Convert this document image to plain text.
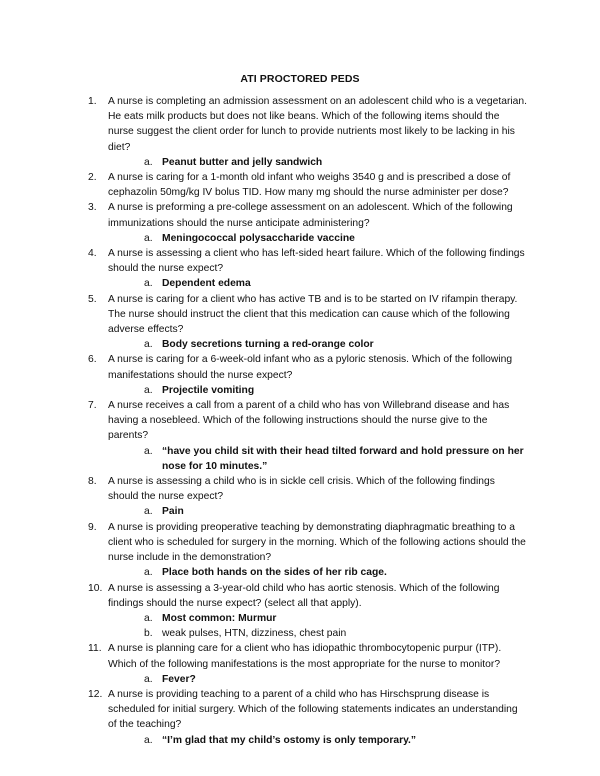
ATI PROCTORED PEDS
1. A nurse is completing an admission assessment on an adolescent child who is a vegetarian. He eats milk products but does not like beans. Which of the following items should the nurse suggest the client order for lunch to provide nutrients most likely to be lacking in his diet?
a. Peanut butter and jelly sandwich
2. A nurse is caring for a 1-month old infant who weighs 3540 g and is prescribed a dose of cephazolin 50mg/kg IV bolus TID. How many mg should the nurse administer per dose?
3. A nurse is preforming a pre-college assessment on an adolescent. Which of the following immunizations should the nurse anticipate administering?
a. Meningococcal polysaccharide vaccine
4. A nurse is assessing a client who has left-sided heart failure. Which of the following findings should the nurse expect?
a. Dependent edema
5. A nurse is caring for a client who has active TB and is to be started on IV rifampin therapy. The nurse should instruct the client that this medication can cause which of the following adverse effects?
a. Body secretions turning a red-orange color
6. A nurse is caring for a 6-week-old infant who as a pyloric stenosis. Which of the following manifestations should the nurse expect?
a. Projectile vomiting
7. A nurse receives a call from a parent of a child who has von Willebrand disease and has having a nosebleed. Which of the following instructions should the nurse give to the parents?
a. “have you child sit with their head tilted forward and hold pressure on her nose for 10 minutes.”
8. A nurse is assessing a child who is in sickle cell crisis. Which of the following findings should the nurse expect?
a. Pain
9. A nurse is providing preoperative teaching by demonstrating diaphragmatic breathing to a client who is scheduled for surgery in the morning. Which of the following actions should the nurse include in the demonstration?
a. Place both hands on the sides of her rib cage.
10. A nurse is assessing a 3-year-old child who has aortic stenosis. Which of the following findings should the nurse expect? (select all that apply).
a. Most common: Murmur
b. weak pulses, HTN, dizziness, chest pain
11. A nurse is planning care for a client who has idiopathic thrombocytopenic purpur (ITP). Which of the following manifestations is the most appropriate for the nurse to monitor?
a. Fever?
12. A nurse is providing teaching to a parent of a child who has Hirschsprung disease is scheduled for initial surgery. Which of the following statements indicates an understanding of the teaching?
a. “I’m glad that my child’s ostomy is only temporary.”
